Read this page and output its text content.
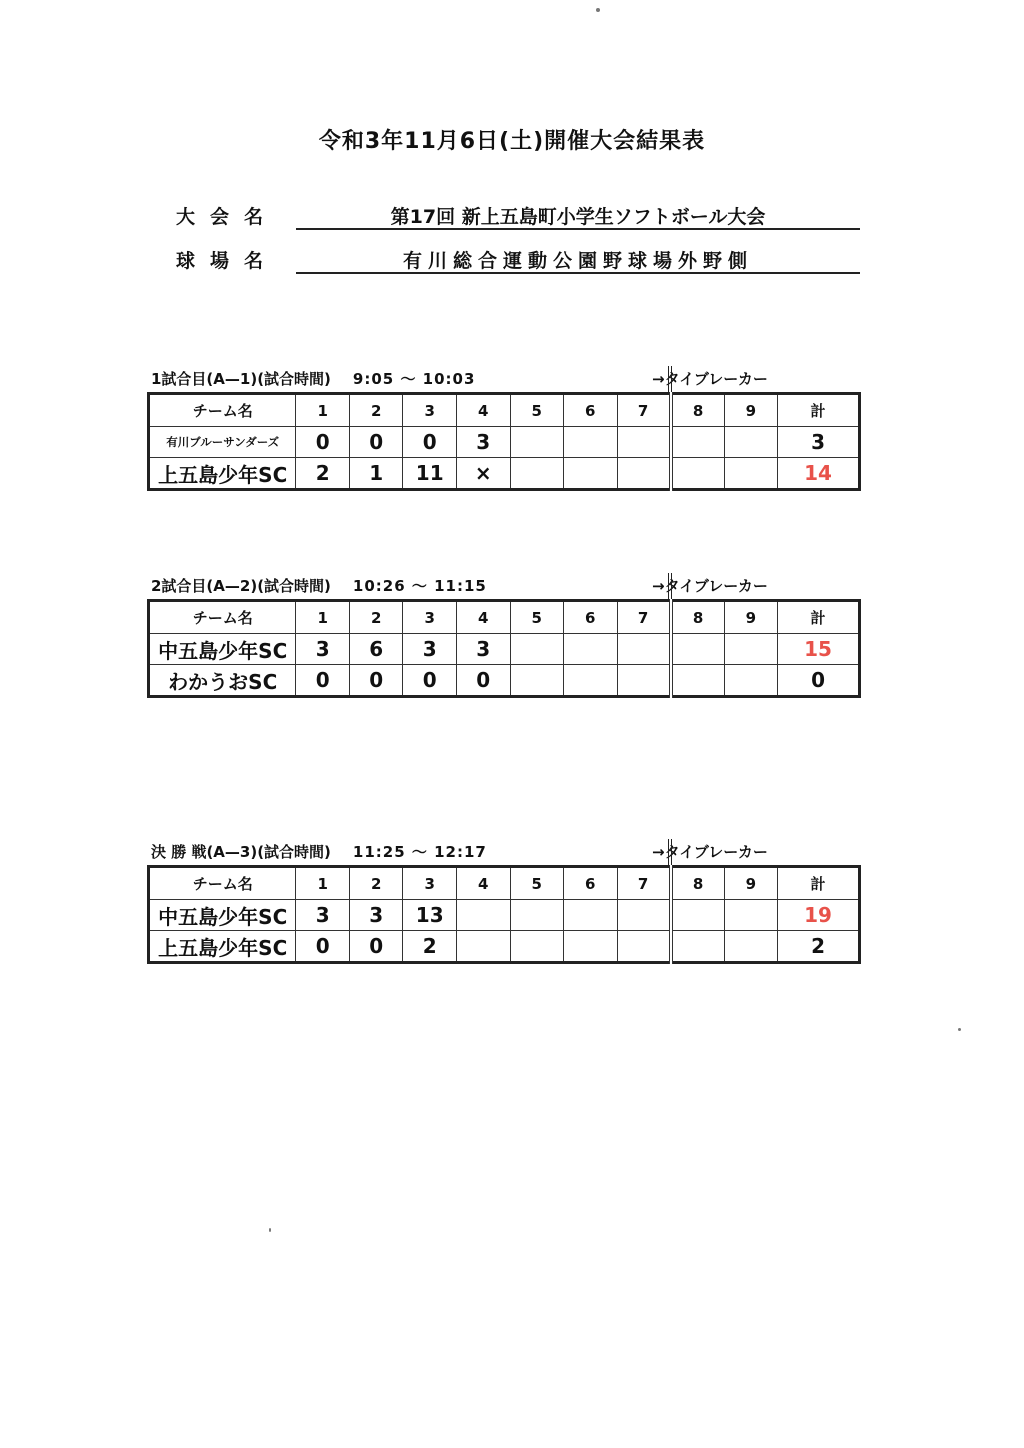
令和3年11月6日(土)開催大会結果表
大会名	第17回 新上五島町小学生ソフトボール大会
球場名	有川総合運動公園野球場外野側
1試合目(A—1)(試合時間) 9:05 ～ 10:03	→タイブレーカー
チーム名	1	2	3	4	5	6	7	8	9	計
有川ブルーサンダーズ	0	0	0	3						3
上五島少年SC	2	1	11	×						14
2試合目(A—2)(試合時間) 10:26 ～ 11:15	→タイブレーカー
チーム名	1	2	3	4	5	6	7	8	9	計
中五島少年SC	3	6	3	3						15
わかうおSC	0	0	0	0						0
決 勝 戦(A—3)(試合時間) 11:25 ～ 12:17	→タイブレーカー
チーム名	1	2	3	4	5	6	7	8	9	計
中五島少年SC	3	3	13							19
上五島少年SC	0	0	2							2
